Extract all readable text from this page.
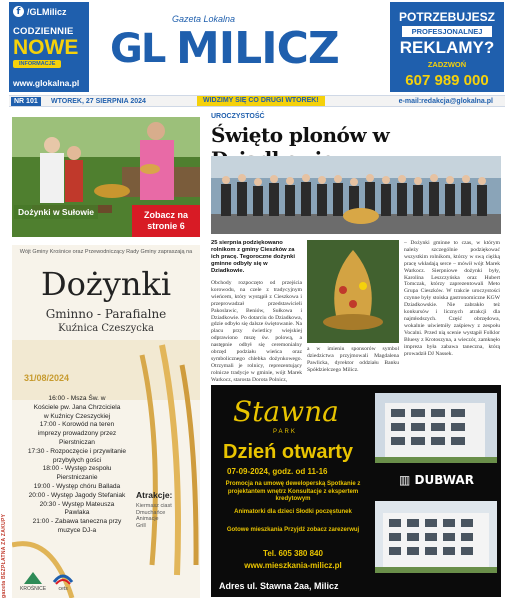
gazeta BEZPŁATNA ZA ZAKUPY
f /GLMilicz
CODZIENNIE
NOWE
INFORMACJE
www.glokalna.pl
Gazeta Lokalna
GL MILICZ
POTRZEBUJESZ
PROFESJONALNEJ
REKLAMY?
ZADZWOŃ
607 989 000
NR 101	WTOREK, 27 SIERPNIA 2024	WIDZIMY SIĘ CO DRUGI WTOREK!	e-mail:redakcja@glokalna.pl
Dożynki w Sułowie	Zobacz na stronie 6
Wójt Gminy Krośnice oraz Przewodniczący Rady Gminy zapraszają na
Dożynki
Gminno - Parafialne
Kuźnica Czeszycka
31/08/2024
16:00 - Msza Św. w
Kościele pw. Jana Chrzciciela
w Kuźnicy Czeszyckiej
17:00 - Korowód na teren
imprezy prowadzony przez
Pierstniczan
17:30 - Rozpoczęcie i przywitanie
przybyłych gości
18:00 - Występ zespołu
Pierstniczanie
19:00 - Występ chóru Ballada
20:00 - Występ Jagody Stefaniak
20:30 - Występ Mateusza
Pawlaka
21:00 - Zabawa taneczna przy
muzyce DJ-a
Atrakcje:
Kiermasz ciast
Dmuchańce
Animacje
Grill
KROŚNICE cets
UROCZYSTOŚĆ
Święto plonów w
25 sierpnia podziękowano rolnikom z gminy Cieszków za ich pracę. Tegoroczne dożynki gminne odbyły się w Dziadkowie.
Obchody rozpoczęto od przejścia korowodu, na czele z tradycyjnym wieńcem, który wystąpił z Cieszkowa i przeprowadzał przedstawicieli Pakoslawic, Beniów, Sułkowa i Dziadkowie. Po dotarciu do Dziadkowa, gdzie odbyło się dalsze świętowanie. Na placu przy świetlicy wiejskiej odprawiono mszę św. polową, a następnie odbył się ceremonialny obrzęd podziału wieńca oraz symbolicznego chlebka dożynkowego. Otrzymali je rolnicy, reprezentujący rolnicze tradycje w gminie, wójt Marek Warkocz, starosta Dorota Polnicz,
a w imieniu sponsorów symbol dziedzictwa przyjmowali Magdalena Pawlicka, dyrektor oddziału Banku Spółdzielczego Milicz.
– Dożynki gminne to czas, w którym należy szczególnie podziękować wszystkim rolnikom, którzy w swą ciężką pracę wkładają serce – mówił wójt Marek Warkocz. Sierpniowe dożynki były, Karolina Leszczyńska oraz Hubert Tomczak, którzy zaprezentowali Meto Grupa Cieszków. W trakcie uroczystości czynne były stoiska gastronomiczne KGW Dziadkowskie. Nie zabrakło też konkursów i licznych atrakcji dla najmłodszych. Część obrzędowa, wokalnie uświetniły zaśpiewy z zespołu Vocalni. Przed nią scenie wystąpił Folklor Bluesy z Krotoszyna, a wieczór, zamknęło impreza była zabawa taneczna, którą prowadził DJ Nassek.
Stawna
PARK
Dzień otwarty
07-09-2024, godz. od 11-16
Promocja na umowę deweloperską Spotkanie z projektantem wnętrz Konsultacje z ekspertem kredytowym
Animatorki dla dzieci Słodki poczęstunek
Gotowe mieszkania Przyjdź zobacz zarezerwuj
Tel. 605 380 840
www.mieszkania-milicz.pl
Adres ul. Stawna 2aa, Milicz
▥ DUBWAR
